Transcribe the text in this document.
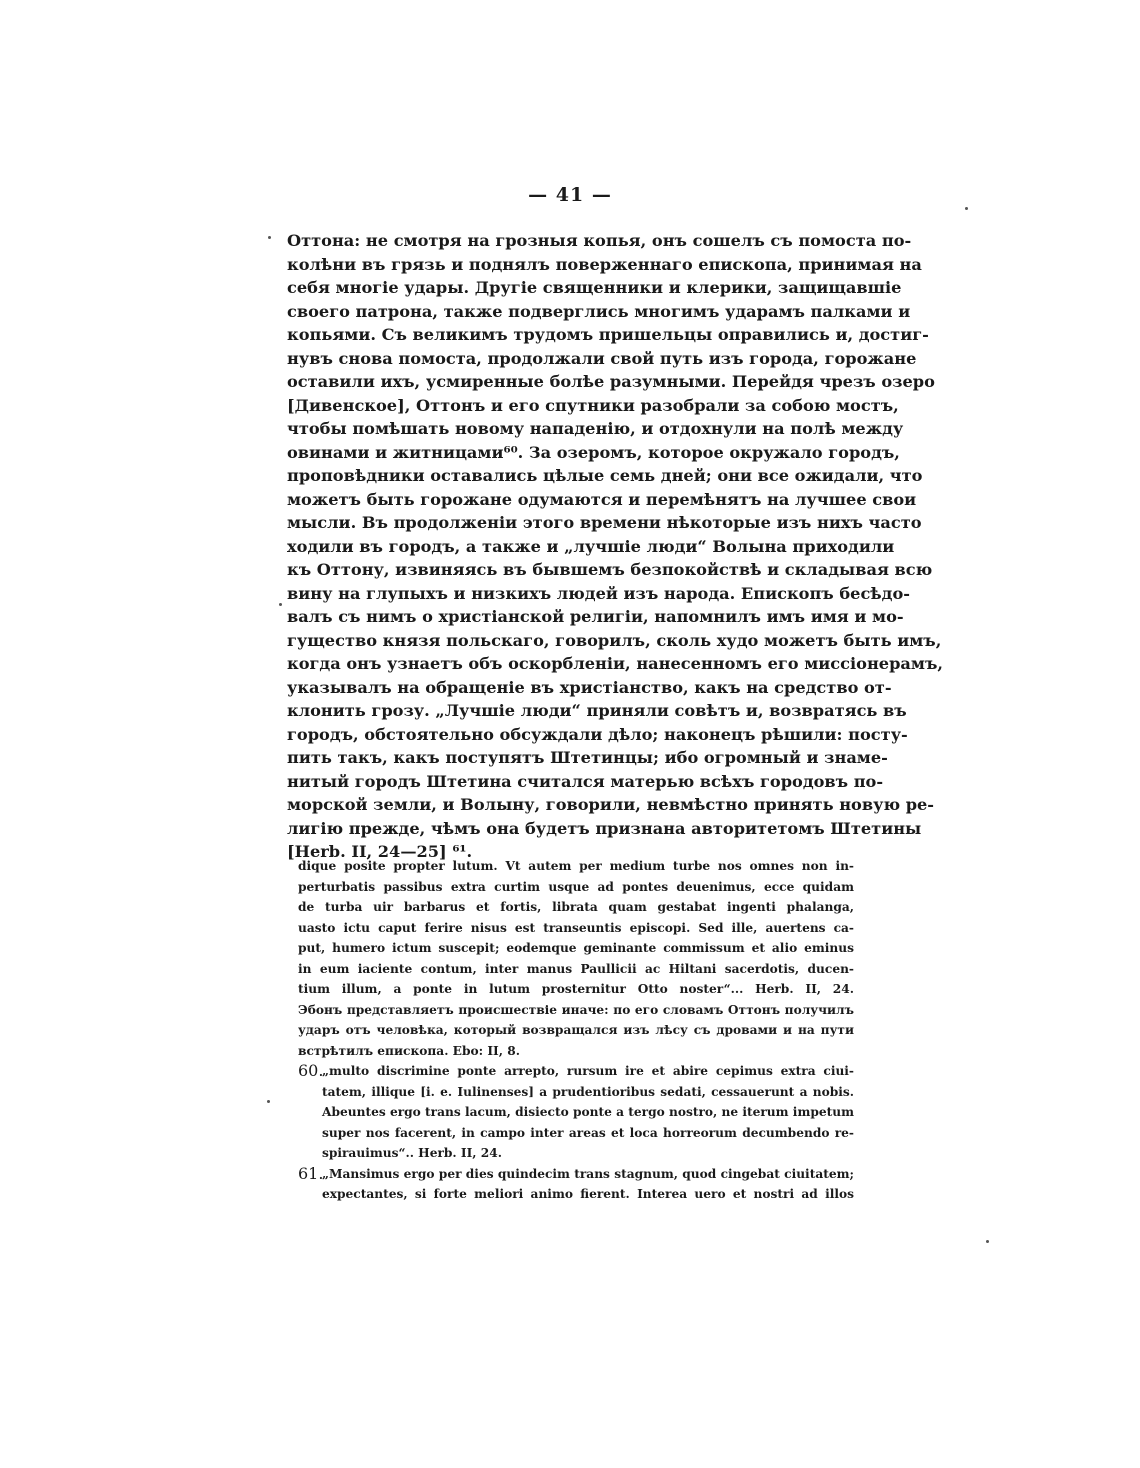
— 41 —
Оттона: не смотря на грозныя копья, онъ сошелъ съ помоста по-
колѣни въ грязь и поднялъ поверженнаго епископа, принимая на
себя многіе удары. Другіе священники и клерики, защищавшіе
своего патрона, также подверглись многимъ ударамъ палками и
копьями. Съ великимъ трудомъ пришельцы оправились и, достиг-
нувъ снова помоста, продолжали свой путь изъ города, горожане
оставили ихъ, усмиренные болѣе разумными. Перейдя чрезъ озеро
[Дивенское], Оттонъ и его спутники разобрали за собою мостъ,
чтобы помѣшать новому нападенію, и отдохнули на полѣ между
овинами и житницами⁶⁰. За озеромъ, которое окружало городъ,
проповѣдники оставались цѣлые семь дней; они все ожидали, что
можетъ быть горожане одумаются и перемѣнятъ на лучшее свои
мысли. Въ продолженіи этого времени нѣкоторые изъ нихъ часто
ходили въ городъ, а также и „лучшіе люди“ Волына приходили
къ Оттону, извиняясь въ бывшемъ безпокойствѣ и складывая всю
вину на глупыхъ и низкихъ людей изъ народа. Епископъ бесѣдо-
валъ съ нимъ о христіанской религіи, напомнилъ имъ имя и мо-
гущество князя польскаго, говорилъ, сколь худо можетъ быть имъ,
когда онъ узнаетъ объ оскорбленіи, нанесенномъ его миссіонерамъ,
указывалъ на обращеніе въ христіанство, какъ на средство от-
клонить грозу. „Лучшіе люди“ приняли совѣтъ и, возвратясь въ
городъ, обстоятельно обсуждали дѣло; наконецъ рѣшили: посту-
пить такъ, какъ поступятъ Штетинцы; ибо огромный и знаме-
нитый городъ Штетина считался матерью всѣхъ городовъ по-
морской земли, и Волыну, говорили, невмѣстно принять новую ре-
лигію прежде, чѣмъ она будетъ признана авторитетомъ Штетины
[Herb. II, 24—25] ⁶¹.
dique posite propter lutum. Vt autem per medium turbe nos omnes non in-
perturbatis passibus extra curtim usque ad pontes deuenimus, ecce quidam
de turba uir barbarus et fortis, librata quam gestabat ingenti phalanga,
uasto ictu caput ferire nisus est transeuntis episcopi. Sed ille, auertens ca-
put, humero ictum suscepit; eodemque geminante commissum et alio eminus
in eum iaciente contum, inter manus Paullicii ac Hiltani sacerdotis, ducen-
tium illum, a ponte in lutum prosternitur Otto noster“... Herb. II, 24.
Эбонъ представляетъ происшествіе иначе: по его словамъ Оттонъ получилъ
ударъ отъ человѣка, который возвращался изъ лѣсу съ дровами и на пути
встрѣтилъ епископа. Ebo: II, 8.
60.
„multo discrimine ponte arrepto, rursum ire et abire cepimus extra ciui-
tatem, illique [i. e. Iulinenses] a prudentioribus sedati, cessauerunt a nobis.
Abeuntes ergo trans lacum, disiecto ponte a tergo nostro, ne iterum impetum
super nos facerent, in campo inter areas et loca horreorum decumbendo re-
spirauimus“.. Herb. II, 24.
61.
„Mansimus ergo per dies quindecim trans stagnum, quod cingebat ciuitatem;
expectantes, si forte meliori animo fierent. Interea uero et nostri ad illos
